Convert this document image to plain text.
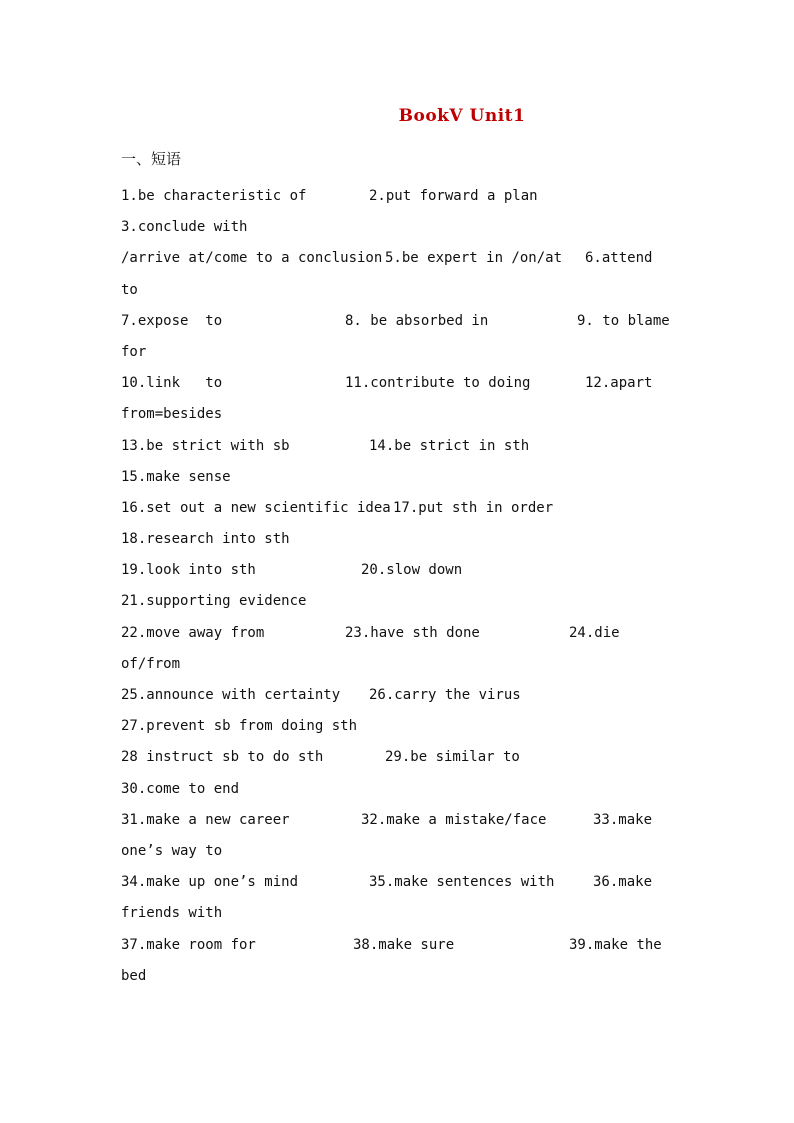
BookV Unit1
一、短语
1.be characteristic of	2.put forward a plan
3.conclude with
/arrive at/come to a conclusion 5.be expert in /on/at 6.attend
to
7.expose  to	8. be absorbed in	9. to blame
for
10.link   to	11.contribute to doing	12.apart
from=besides
13.be strict with sb	14.be strict in sth
15.make sense
16.set out a new scientific idea 17.put sth in order
18.research into sth
19.look into sth	20.slow down
21.supporting evidence
22.move away from	23.have sth done	24.die
of/from
25.announce with certainty 26.carry the virus
27.prevent sb from doing sth
28 instruct sb to do sth	29.be similar to
30.come to end
31.make a new career	32.make a mistake/face	33.make
one’s way to
34.make up one’s mind	35.make sentences with	36.make
friends with
37.make room for	38.make sure	39.make the
bed
